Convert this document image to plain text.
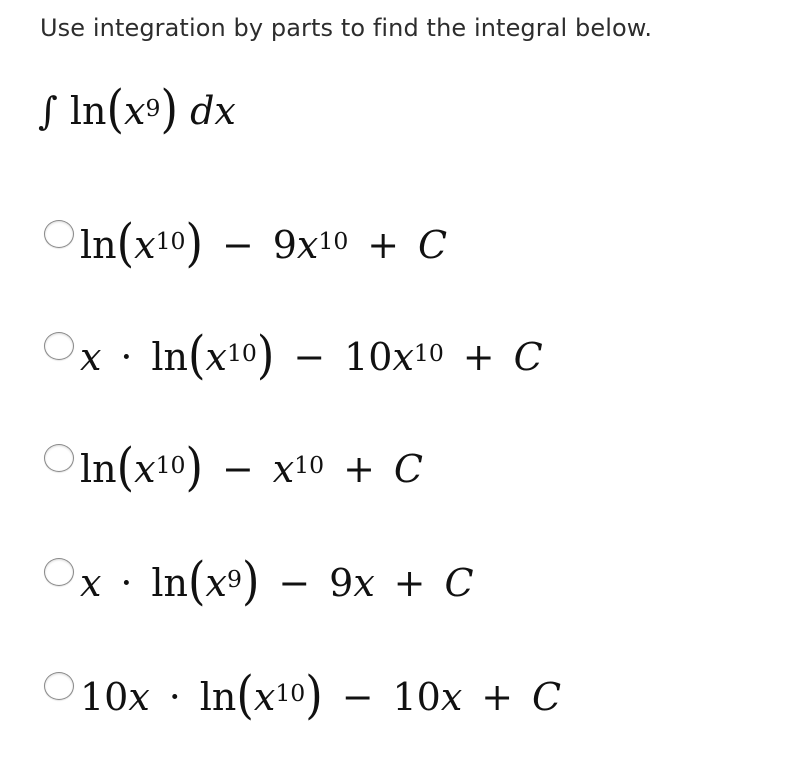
Use integration by parts to find the integral below.
∫ $\ln(x^9)$ dx
$\ln(x^{10}) - 9x^{10} + C$
$x \cdot \ln(x^{10}) - 10x^{10} + C$
$\ln(x^{10}) - x^{10} + C$
$x \cdot \ln(x^9) - 9x + C$
$10x \cdot \ln(x^{10}) - 10x + C$
